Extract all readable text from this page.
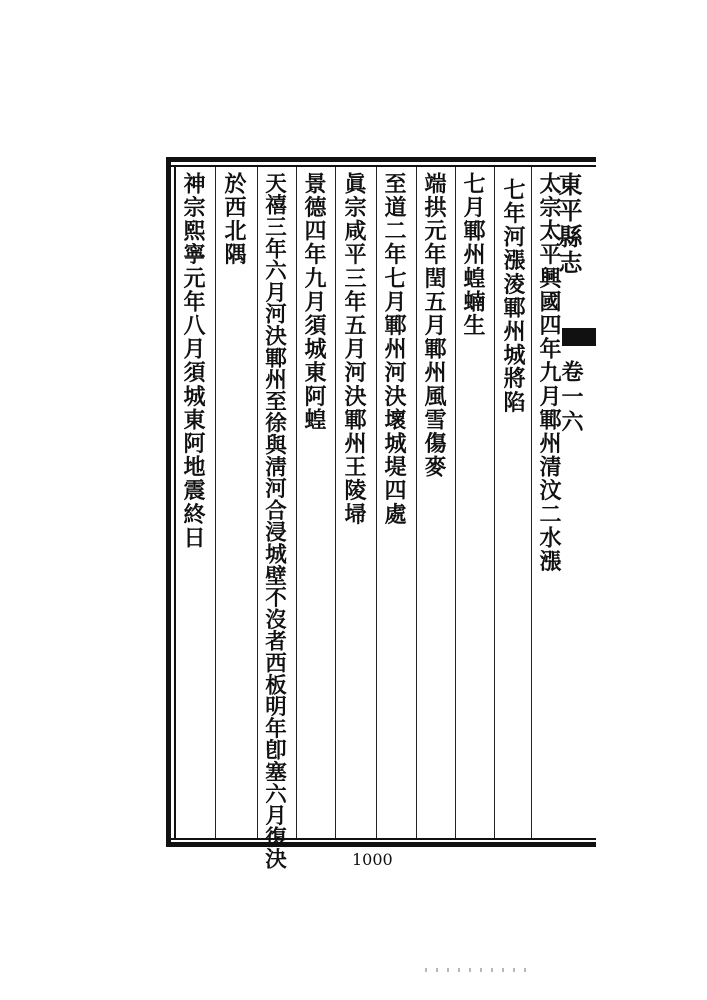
東平縣志
卷一六
太宗太平興國四年九月鄆州清汶二水漲
七年河漲淩鄆州城將陷
七月鄆州蝗蝻生
端拱元年閏五月鄆州風雪傷麥
至道二年七月鄆州河決壞城堤四處
眞宗咸平三年五月河決鄆州王陵埽
景德四年九月須城東阿蝗
天禧三年六月河決鄆州至徐與淸河合浸城壁不沒者西板明年卽塞六月復決
於西北隅
神宗熙寧元年八月須城東阿地震終日
1000
